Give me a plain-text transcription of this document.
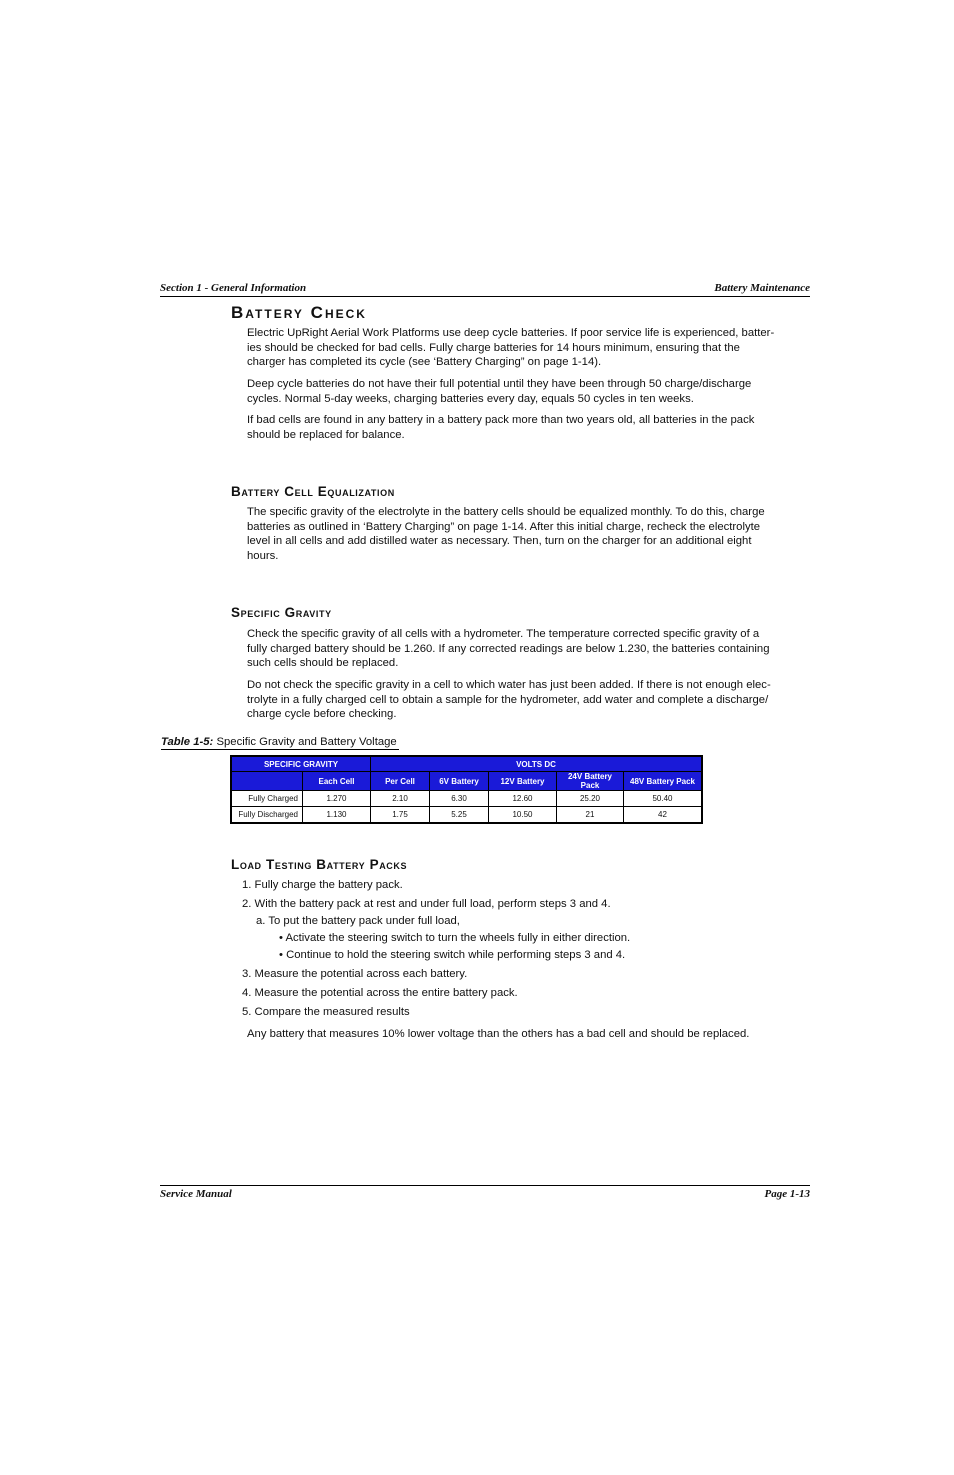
Section 1 - General Information	Battery Maintenance
Battery Check
Electric UpRight Aerial Work Platforms use deep cycle batteries. If poor service life is experienced, batter-
ies should be checked for bad cells. Fully charge batteries for 14 hours minimum, ensuring that the
charger has completed its cycle (see ‘Battery Charging” on page 1-14).
Deep cycle batteries do not have their full potential until they have been through 50 charge/discharge
cycles. Normal 5-day weeks, charging batteries every day, equals 50 cycles in ten weeks.
If bad cells are found in any battery in a battery pack more than two years old, all batteries in the pack
should be replaced for balance.
Battery Cell Equalization
The specific gravity of the electrolyte in the battery cells should be equalized monthly. To do this, charge
batteries as outlined in ‘Battery Charging” on page 1-14. After this initial charge, recheck the electrolyte
level in all cells and add distilled water as necessary. Then, turn on the charger for an additional eight
hours.
Specific Gravity
Check the specific gravity of all cells with a hydrometer. The temperature corrected specific gravity of a
fully charged battery should be 1.260. If any corrected readings are below 1.230, the batteries containing
such cells should be replaced.
Do not check the specific gravity in a cell to which water has just been added. If there is not enough elec-
trolyte in a fully charged cell to obtain a sample for the hydrometer, add water and complete a discharge/
charge cycle before checking.
Table 1-5: Specific Gravity and Battery Voltage
SPECIFIC GRAVITY		VOLTS DC				
	Each Cell	Per Cell	6V Battery	12V Battery	24V Battery Pack	48V Battery Pack
Fully Charged	1.270	2.10	6.30	12.60	25.20	50.40
Fully Discharged	1.130	1.75	5.25	10.50	21	42
Load Testing Battery Packs
1. Fully charge the battery pack.
2. With the battery pack at rest and under full load, perform steps 3 and 4.
a. To put the battery pack under full load,
• Activate the steering switch to turn the wheels fully in either direction.
• Continue to hold the steering switch while performing steps 3 and 4.
3. Measure the potential across each battery.
4. Measure the potential across the entire battery pack.
5. Compare the measured results
Any battery that measures 10% lower voltage than the others has a bad cell and should be replaced.
Service Manual	Page 1-13
